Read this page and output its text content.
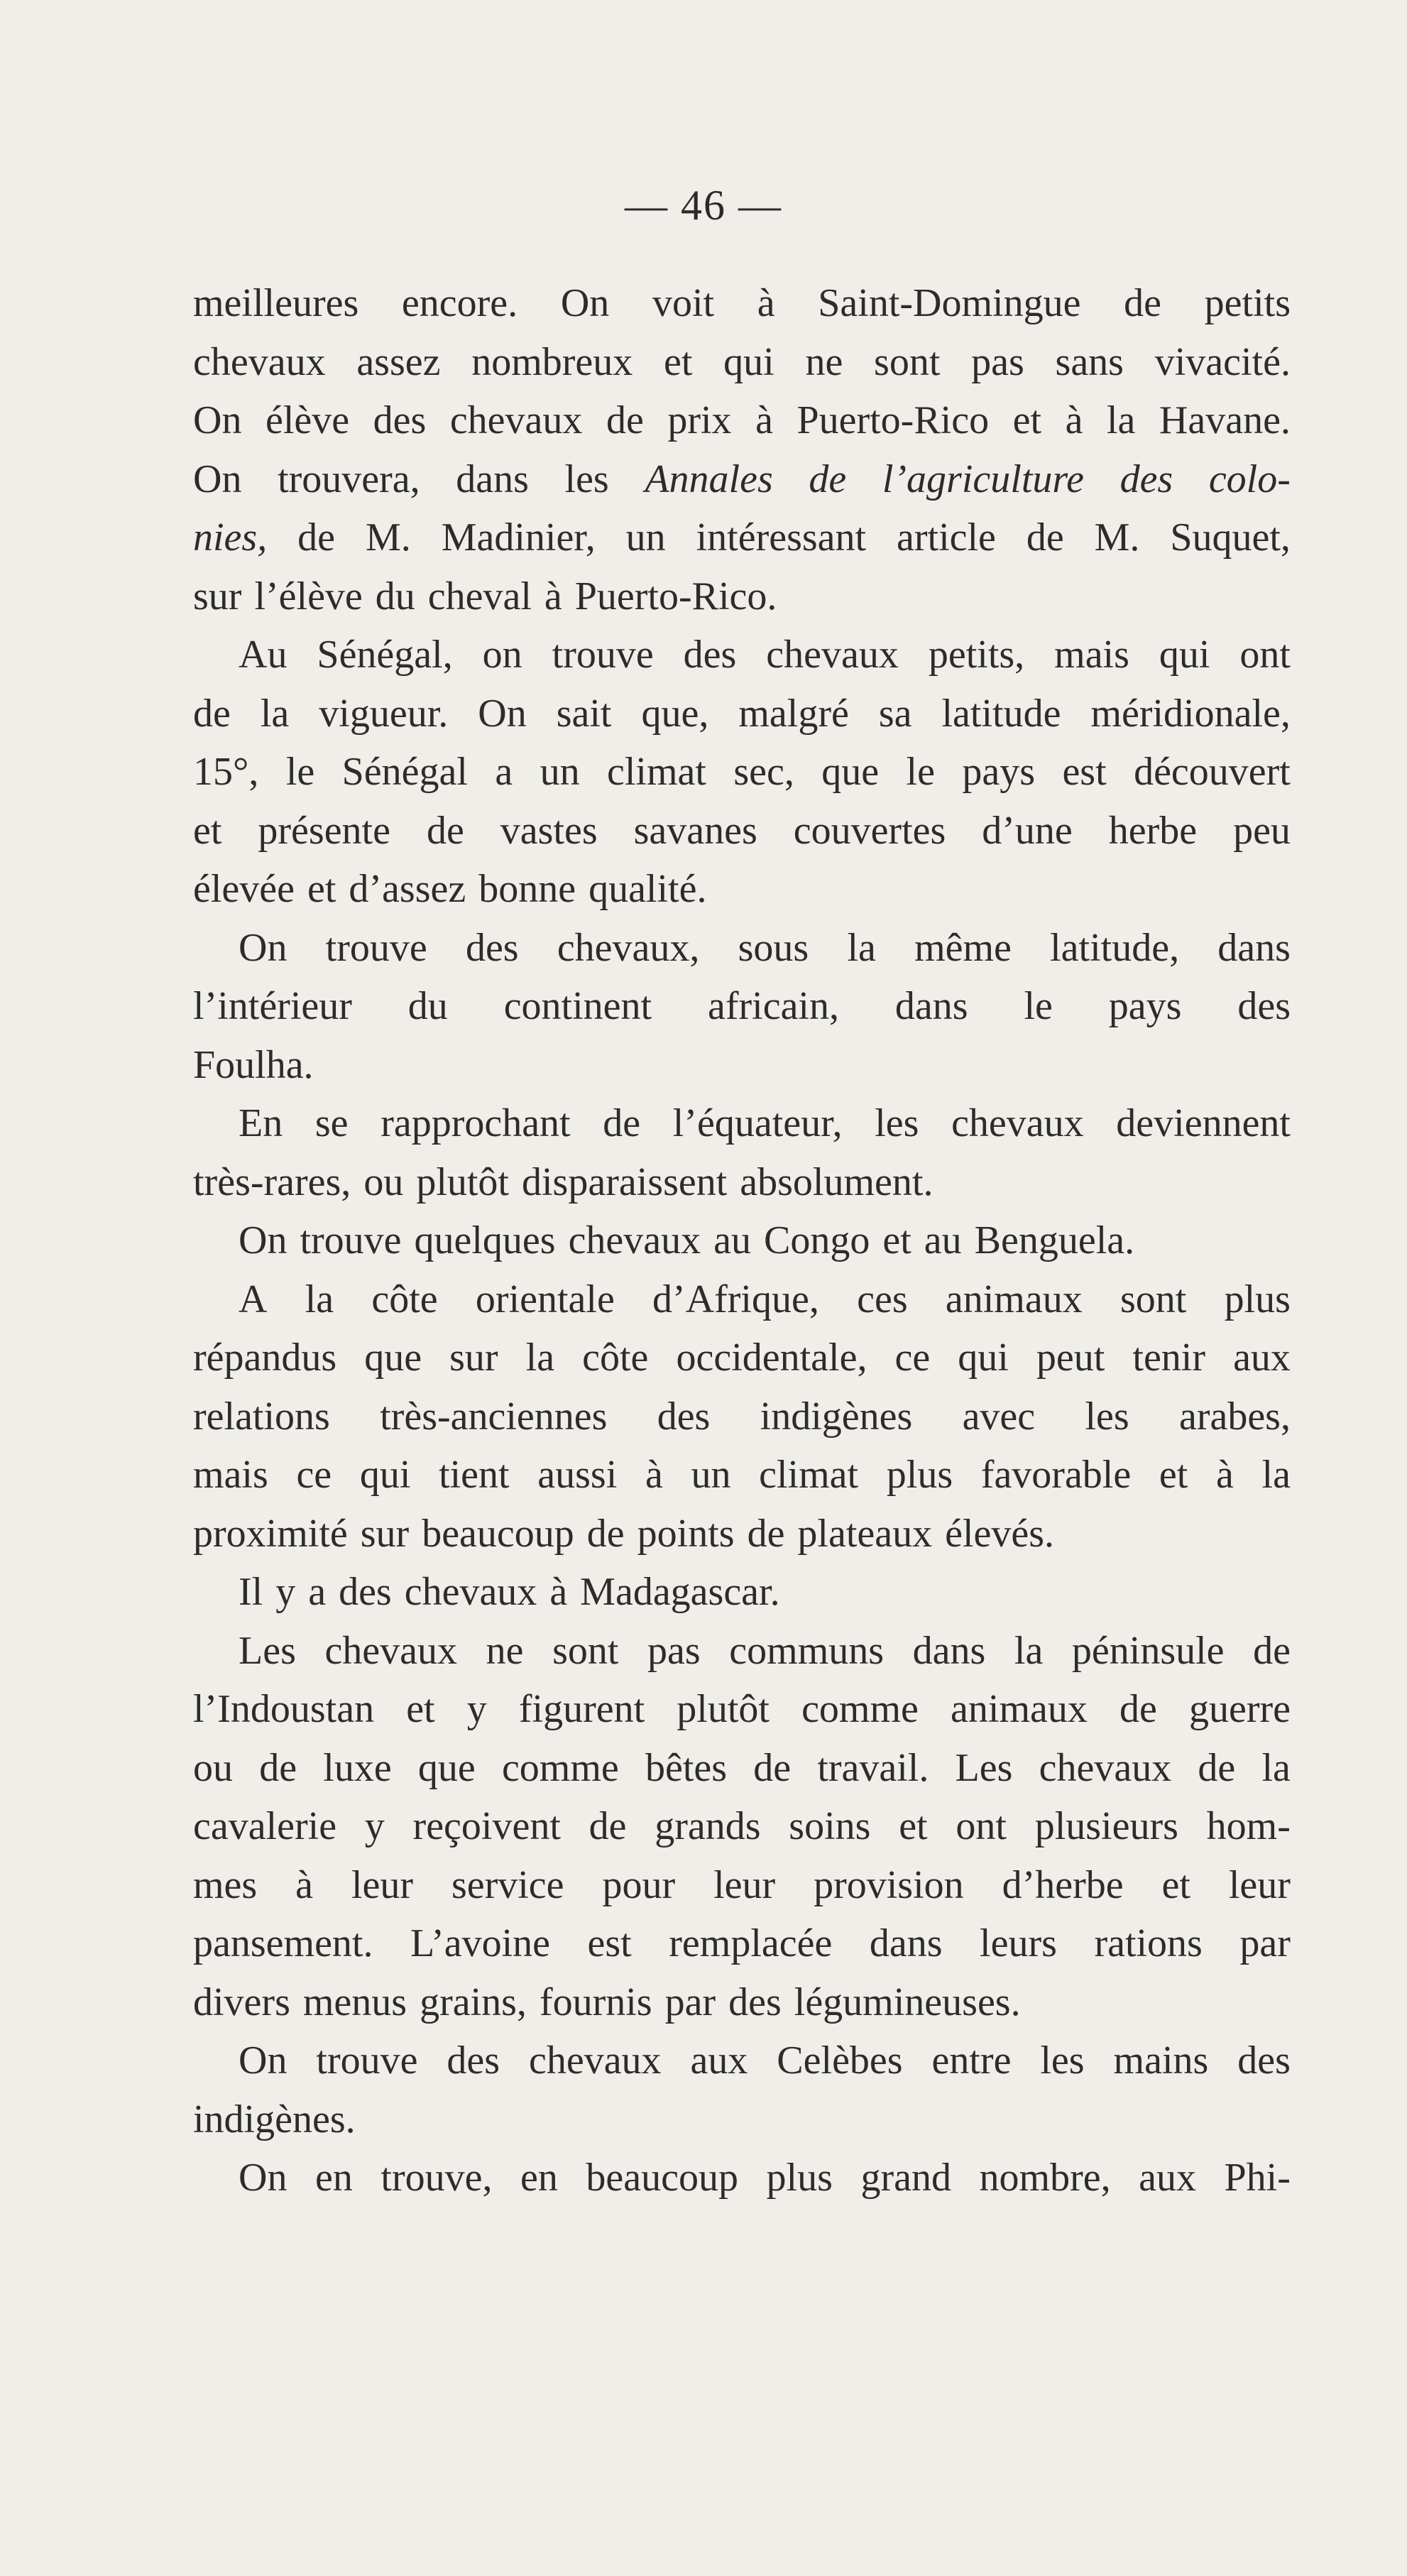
— 46 —
meilleures encore. On voit à Saint-Domingue de petits
chevaux assez nombreux et qui ne sont pas sans vivacité.
On élève des chevaux de prix à Puerto-Rico et à la Havane.
On trouvera, dans les Annales de l’agriculture des colo-
nies, de M. Madinier, un intéressant article de M. Suquet,
sur l’élève du cheval à Puerto-Rico.
Au Sénégal, on trouve des chevaux petits, mais qui ont
de la vigueur. On sait que, malgré sa latitude méridionale,
15°, le Sénégal a un climat sec, que le pays est découvert
et présente de vastes savanes couvertes d’une herbe peu
élevée et d’assez bonne qualité.
On trouve des chevaux, sous la même latitude, dans
l’intérieur du continent africain, dans le pays des
Foulha.
En se rapprochant de l’équateur, les chevaux deviennent
très-rares, ou plutôt disparaissent absolument.
On trouve quelques chevaux au Congo et au Benguela.
A la côte orientale d’Afrique, ces animaux sont plus
répandus que sur la côte occidentale, ce qui peut tenir aux
relations très-anciennes des indigènes avec les arabes,
mais ce qui tient aussi à un climat plus favorable et à la
proximité sur beaucoup de points de plateaux élevés.
Il y a des chevaux à Madagascar.
Les chevaux ne sont pas communs dans la péninsule de
l’Indoustan et y figurent plutôt comme animaux de guerre
ou de luxe que comme bêtes de travail. Les chevaux de la
cavalerie y reçoivent de grands soins et ont plusieurs hom-
mes à leur service pour leur provision d’herbe et leur
pansement. L’avoine est remplacée dans leurs rations par
divers menus grains, fournis par des légumineuses.
On trouve des chevaux aux Celèbes entre les mains des
indigènes.
On en trouve, en beaucoup plus grand nombre, aux Phi-
